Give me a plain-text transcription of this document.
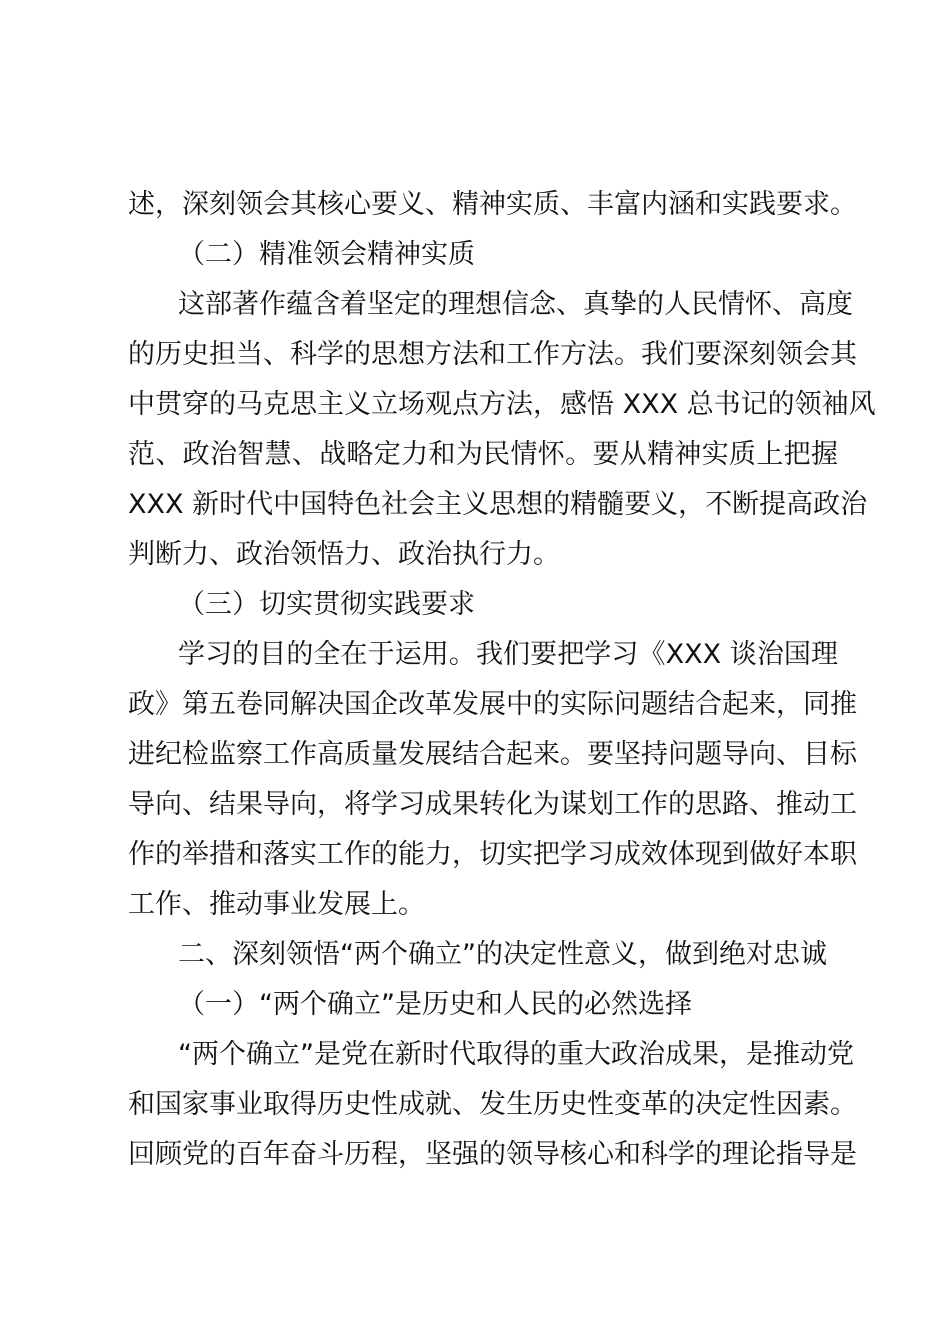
述，深刻领会其核心要义、精神实质、丰富内涵和实践要求。
（二）精准领会精神实质
这部著作蕴含着坚定的理想信念、真挚的人民情怀、高度
的历史担当、科学的思想方法和工作方法。我们要深刻领会其
中贯穿的马克思主义立场观点方法，感悟 XXX 总书记的领袖风
范、政治智慧、战略定力和为民情怀。要从精神实质上把握
XXX 新时代中国特色社会主义思想的精髓要义，不断提高政治
判断力、政治领悟力、政治执行力。
（三）切实贯彻实践要求
学习的目的全在于运用。我们要把学习《XXX 谈治国理
政》第五卷同解决国企改革发展中的实际问题结合起来，同推
进纪检监察工作高质量发展结合起来。要坚持问题导向、目标
导向、结果导向，将学习成果转化为谋划工作的思路、推动工
作的举措和落实工作的能力，切实把学习成效体现到做好本职
工作、推动事业发展上。
二、深刻领悟“两个确立”的决定性意义，做到绝对忠诚
（一）“两个确立”是历史和人民的必然选择
“两个确立”是党在新时代取得的重大政治成果，是推动党
和国家事业取得历史性成就、发生历史性变革的决定性因素。
回顾党的百年奋斗历程，坚强的领导核心和科学的理论指导是
